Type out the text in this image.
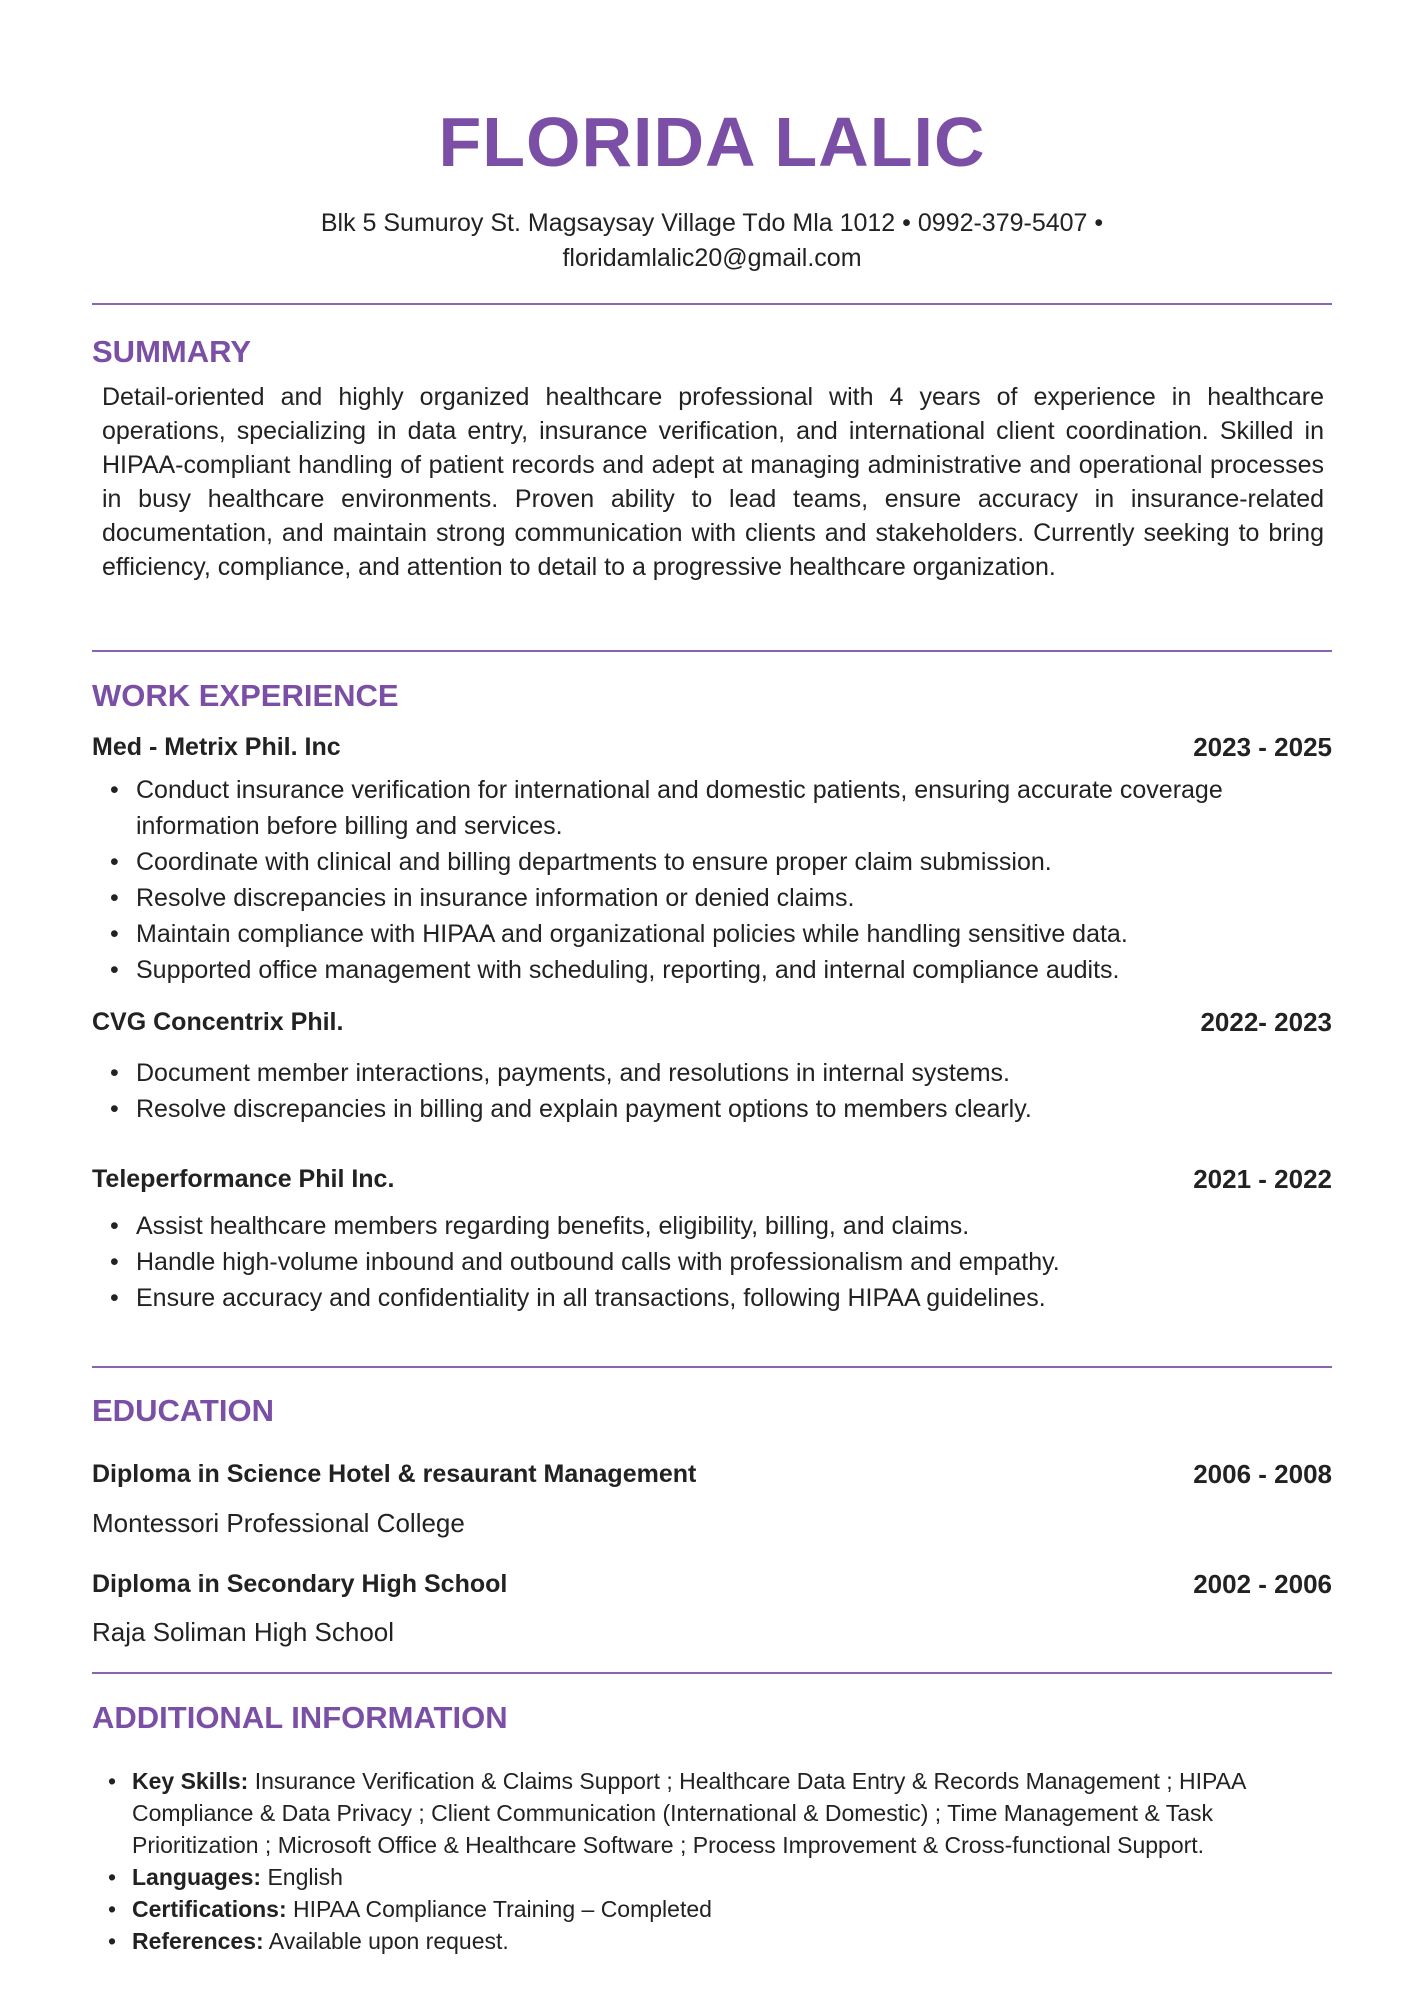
FLORIDA LALIC
Blk 5 Sumuroy St. Magsaysay Village Tdo Mla 1012 • 0992-379-5407 •
floridamlalic20@gmail.com
SUMMARY
Detail-oriented and highly organized healthcare professional with 4 years of experience in healthcare operations, specializing in data entry, insurance verification, and international client coordination. Skilled in HIPAA-compliant handling of patient records and adept at managing administrative and operational processes in busy healthcare environments. Proven ability to lead teams, ensure accuracy in insurance-related documentation, and maintain strong communication with clients and stakeholders. Currently seeking to bring efficiency, compliance, and attention to detail to a progressive healthcare organization.
WORK EXPERIENCE
Med - Metrix Phil. Inc	2023 - 2025
• Conduct insurance verification for international and domestic patients, ensuring accurate coverage information before billing and services.
• Coordinate with clinical and billing departments to ensure proper claim submission.
• Resolve discrepancies in insurance information or denied claims.
• Maintain compliance with HIPAA and organizational policies while handling sensitive data.
• Supported office management with scheduling, reporting, and internal compliance audits.
CVG Concentrix Phil.	2022- 2023
• Document member interactions, payments, and resolutions in internal systems.
• Resolve discrepancies in billing and explain payment options to members clearly.
Teleperformance Phil Inc.	2021 - 2022
• Assist healthcare members regarding benefits, eligibility, billing, and claims.
• Handle high-volume inbound and outbound calls with professionalism and empathy.
• Ensure accuracy and confidentiality in all transactions, following HIPAA guidelines.
EDUCATION
Diploma in Science Hotel & resaurant Management	2006 - 2008
Montessori Professional College
Diploma in Secondary High School	2002 - 2006
Raja Soliman High School
ADDITIONAL INFORMATION
• Key Skills: Insurance Verification & Claims Support ; Healthcare Data Entry & Records Management ; HIPAA Compliance & Data Privacy ; Client Communication (International & Domestic) ; Time Management & Task Prioritization ; Microsoft Office & Healthcare Software ; Process Improvement & Cross-functional Support.
• Languages: English
• Certifications: HIPAA Compliance Training – Completed
• References: Available upon request.
